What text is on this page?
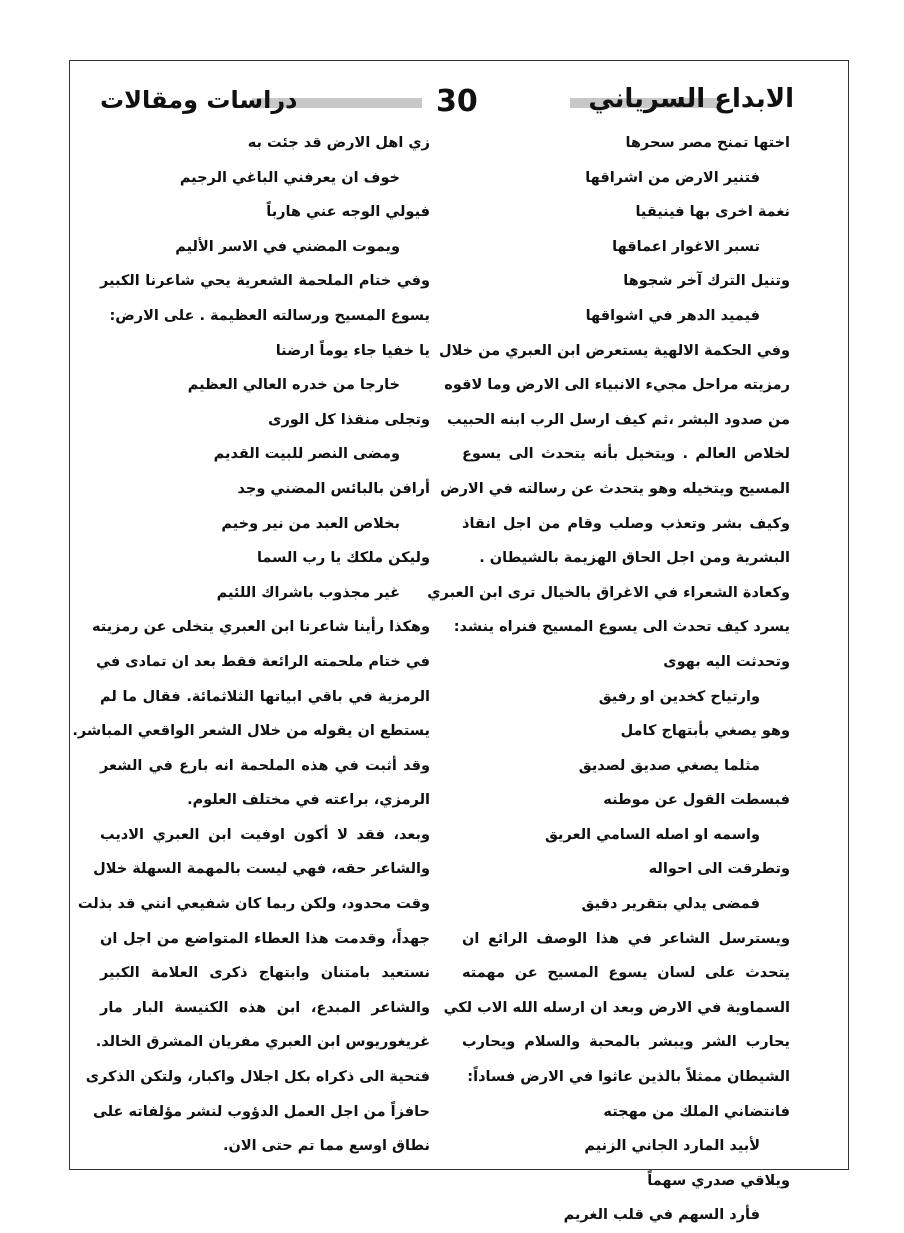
الابداع السرياني
30
دراسات ومقالات
اختها تمنح مصر سحرها
فتنير الارض من اشراقها
نغمة اخرى بها فينيقيا
تسبر الاغوار اعماقها
وتنيل الترك آخر شجوها
فيميد الدهر في اشواقها
وفي الحكمة الالهية يستعرض ابن العبري من خلال
رمزيته مراحل مجيء الانبياء الى الارض وما لاقوه
من صدود البشر ،ثم كيف ارسل الرب ابنه الحبيب
لخلاص العالم . ويتخيل بأنه يتحدث الى يسوع
المسيح ويتخيله وهو يتحدث عن رسالته في الارض
وكيف بشر وتعذب وصلب وقام من اجل انقاذ
البشرية ومن اجل الحاق الهزيمة بالشيطان .
وكعادة الشعراء في الاغراق بالخيال ترى ابن العبري
يسرد كيف تحدث الى يسوع المسيح فنراه ينشد:
وتحدثت اليه بهوى
وارتياح كخدين او رفيق
وهو يصغي بأبتهاج كامل
مثلما يصغي صديق لصديق
فبسطت القول عن موطنه
واسمه او اصله السامي العريق
وتطرقت الى احواله
فمضى يدلي بتقرير دقيق
ويسترسل الشاعر في هذا الوصف الرائع ان
يتحدث على لسان يسوع المسيح عن مهمته
السماوية في الارض وبعد ان ارسله الله الاب لكي
يحارب الشر ويبشر بالمحبة والسلام ويحارب
الشيطان ممثلاً بالذين عاثوا في الارض فساداً:
فانتضاني الملك من مهجته
لأبيد المارد الجاني الزنيم
ويلاقي صدري سهماً
فأرد السهم في قلب الغريم
زي اهل الارض قد جئت به
خوف ان يعرفني الباغي الرجيم
فيولي الوجه عني هارباً
ويموت المضني في الاسر الأليم
وفي ختام الملحمة الشعرية يحي شاعرنا الكبير
يسوع المسيح ورسالته العظيمة . على الارض:
يا خفيا جاء يوماً ارضنا
خارجا من خدره العالي العظيم
وتجلى منقذا كل الورى
ومضى النصر للبيت القديم
أرافن بالبائس المضني وجد
بخلاص العبد من نير وخيم
وليكن ملكك يا رب السما
غير مجذوب باشراك اللئيم
وهكذا رأينا شاعرنا ابن العبري يتخلى عن رمزيته
في ختام ملحمته الرائعة فقط بعد ان تمادى في
الرمزية في باقي ابياتها الثلاثمائة. فقال ما لم
يستطع ان يقوله من خلال الشعر الواقعي المباشر.
وقد أثبت في هذه الملحمة انه بارع في الشعر
الرمزي، براعته في مختلف العلوم.
وبعد، فقد لا أكون اوفيت ابن العبري الاديب
والشاعر حقه، فهي ليست بالمهمة السهلة خلال
وقت محدود، ولكن ربما كان شفيعي انني قد بذلت
جهداً، وقدمت هذا العطاء المتواضع من اجل ان
نستعيد بامتنان وابتهاج ذكرى العلامة الكبير
والشاعر المبدع، ابن هذه الكنيسة البار مار
غريغوريوس ابن العبري مفريان المشرق الخالد.
فتحية الى ذكراه بكل اجلال واكبار، ولتكن الذكرى
حافزاً من اجل العمل الدؤوب لنشر مؤلفاته على
نطاق اوسع مما تم حتى الان.
